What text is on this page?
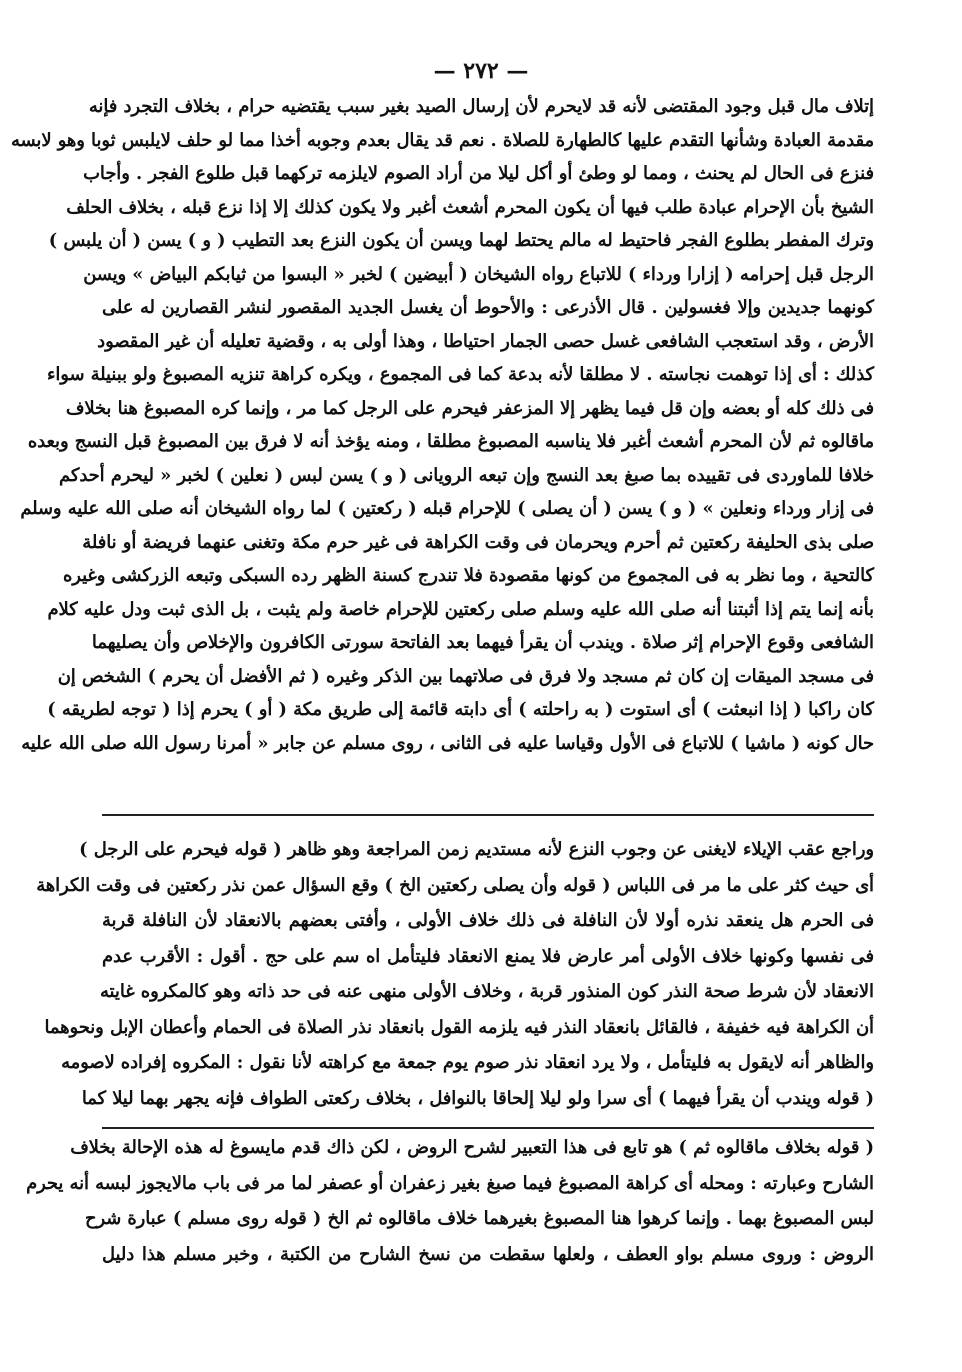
— ٢٧٢ —
إتلاف مال قبل وجود المقتضى لأنه قد لايحرم لأن إرسال الصيد بغير سبب يقتضيه حرام ، بخلاف التجرد فإنه
مقدمة العبادة وشأنها التقدم عليها كالطهارة للصلاة . نعم قد يقال بعدم وجوبه أخذا مما لو حلف لايلبس ثوبا وهو لابسه
فنزع فى الحال لم يحنث ، ومما لو وطئ أو أكل ليلا من أراد الصوم لايلزمه تركهما قبل طلوع الفجر . وأجاب
الشيخ بأن الإحرام عبادة طلب فيها أن يكون المحرم أشعث أغبر ولا يكون كذلك إلا إذا نزع قبله ، بخلاف الحلف
وترك المفطر بطلوع الفجر فاحتيط له مالم يحتط لهما ويسن أن يكون النزع بعد التطيب ( و ) يسن ( أن يلبس )
الرجل قبل إحرامه ( إزارا ورداء ) للاتباع رواه الشيخان ( أبيضين ) لخبر « البسوا من ثيابكم البياض » ويسن
كونهما جديدين وإلا فغسولين . قال الأذرعى : والأحوط أن يغسل الجديد المقصور لنشر القصارين له على
الأرض ، وقد استعجب الشافعى غسل حصى الجمار احتياطا ، وهذا أولى به ، وقضية تعليله أن غير المقصود
كذلك : أى إذا توهمت نجاسته . لا مطلقا لأنه بدعة كما فى المجموع ، ويكره كراهة تنزيه المصبوغ ولو ببنيلة سواء
فى ذلك كله أو بعضه وإن قل فيما يظهر إلا المزعفر فيحرم على الرجل كما مر ، وإنما كره المصبوغ هنا بخلاف
ماقالوه ثم لأن المحرم أشعث أغبر فلا يناسبه المصبوغ مطلقا ، ومنه يؤخذ أنه لا فرق بين المصبوغ قبل النسج وبعده
خلافا للماوردى فى تقييده بما صبغ بعد النسج وإن تبعه الرويانى ( و ) يسن لبس ( نعلين ) لخبر « ليحرم أحدكم
فى إزار ورداء ونعلين » ( و ) يسن ( أن يصلى ) للإحرام قبله ( ركعتين ) لما رواه الشيخان أنه صلى الله عليه وسلم
صلى بذى الحليفة ركعتين ثم أحرم ويحرمان فى وقت الكراهة فى غير حرم مكة وتغنى عنهما فريضة أو نافلة
كالتحية ، وما نظر به فى المجموع من كونها مقصودة فلا تندرج كسنة الظهر رده السبكى وتبعه الزركشى وغيره
بأنه إنما يتم إذا أثبتنا أنه صلى الله عليه وسلم صلى ركعتين للإحرام خاصة ولم يثبت ، بل الذى ثبت ودل عليه كلام
الشافعى وقوع الإحرام إثر صلاة . ويندب أن يقرأ فيهما بعد الفاتحة سورتى الكافرون والإخلاص وأن يصليهما
فى مسجد الميقات إن كان ثم مسجد ولا فرق فى صلاتهما بين الذكر وغيره ( ثم الأفضل أن يحرم ) الشخص إن
كان راكبا ( إذا انبعثت ) أى استوت ( به راحلته ) أى دابته قائمة إلى طريق مكة ( أو ) يحرم إذا ( توجه لطريقه )
حال كونه ( ماشيا ) للاتباع فى الأول وقياسا عليه فى الثانى ، روى مسلم عن جابر « أمرنا رسول الله صلى الله عليه
وراجع عقب الإيلاء لايغنى عن وجوب النزع لأنه مستديم زمن المراجعة وهو ظاهر ( قوله فيحرم على الرجل )
أى حيث كثر على ما مر فى اللباس ( قوله وأن يصلى ركعتين الخ ) وقع السؤال عمن نذر ركعتين فى وقت الكراهة
فى الحرم هل ينعقد نذره أولا لأن النافلة فى ذلك خلاف الأولى ، وأفتى بعضهم بالانعقاد لأن النافلة قربة
فى نفسها وكونها خلاف الأولى أمر عارض فلا يمنع الانعقاد فليتأمل اه سم على حج . أقول : الأقرب عدم
الانعقاد لأن شرط صحة النذر كون المنذور قربة ، وخلاف الأولى منهى عنه فى حد ذاته وهو كالمكروه غايته
أن الكراهة فيه خفيفة ، فالقائل بانعقاد النذر فيه يلزمه القول بانعقاد نذر الصلاة فى الحمام وأعطان الإبل ونحوهما
والظاهر أنه لايقول به فليتأمل ، ولا يرد انعقاد نذر صوم يوم جمعة مع كراهته لأنا نقول : المكروه إفراده لاصومه
( قوله ويندب أن يقرأ فيهما ) أى سرا ولو ليلا إلحاقا بالنوافل ، بخلاف ركعتى الطواف فإنه يجهر بهما ليلا كما
( قوله بخلاف ماقالوه ثم ) هو تابع فى هذا التعبير لشرح الروض ، لكن ذاك قدم مايسوغ له هذه الإحالة بخلاف
الشارح وعبارته : ومحله أى كراهة المصبوغ فيما صبغ بغير زعفران أو عصفر لما مر فى باب مالايجوز لبسه أنه يحرم
لبس المصبوغ بهما . وإنما كرهوا هنا المصبوغ بغيرهما خلاف ماقالوه ثم الخ ( قوله روى مسلم ) عبارة شرح
الروض : وروى مسلم بواو العطف ، ولعلها سقطت من نسخ الشارح من الكتبة ، وخبر مسلم هذا دليل
